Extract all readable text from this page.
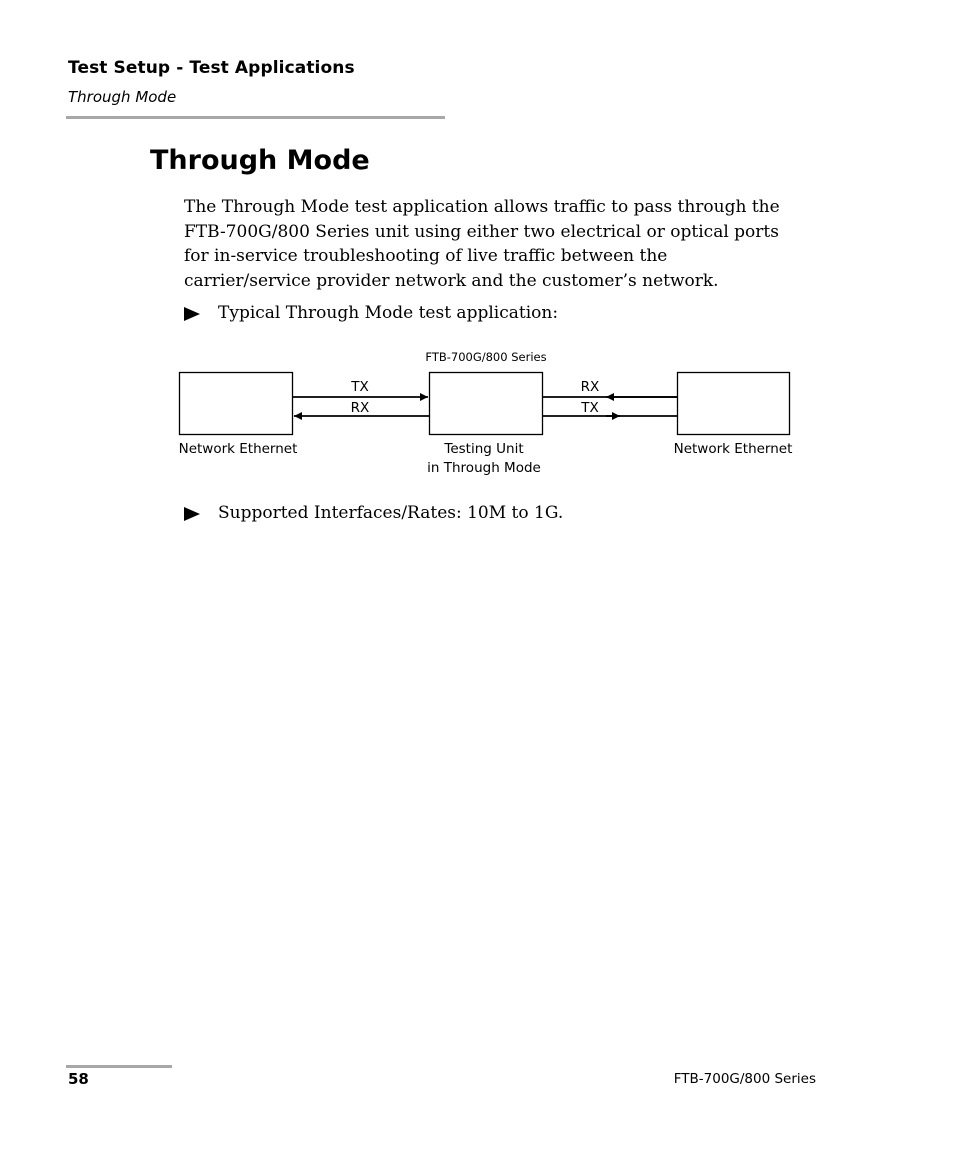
Test Setup - Test Applications
Through Mode
Through Mode

The Through Mode test application allows traffic to pass through the FTB-700G/800 Series unit using either two electrical or optical ports for in-service troubleshooting of live traffic between the carrier/service provider network and the customer’s network.

Typical Through Mode test application:
FTB-700G/800 Series
TX
RX
RX
TX
Network Ethernet	Testing Unit
in Through Mode
Network Ethernet
Supported Interfaces/Rates: 10M to 1G.
58	FTB-700G/800 Series
